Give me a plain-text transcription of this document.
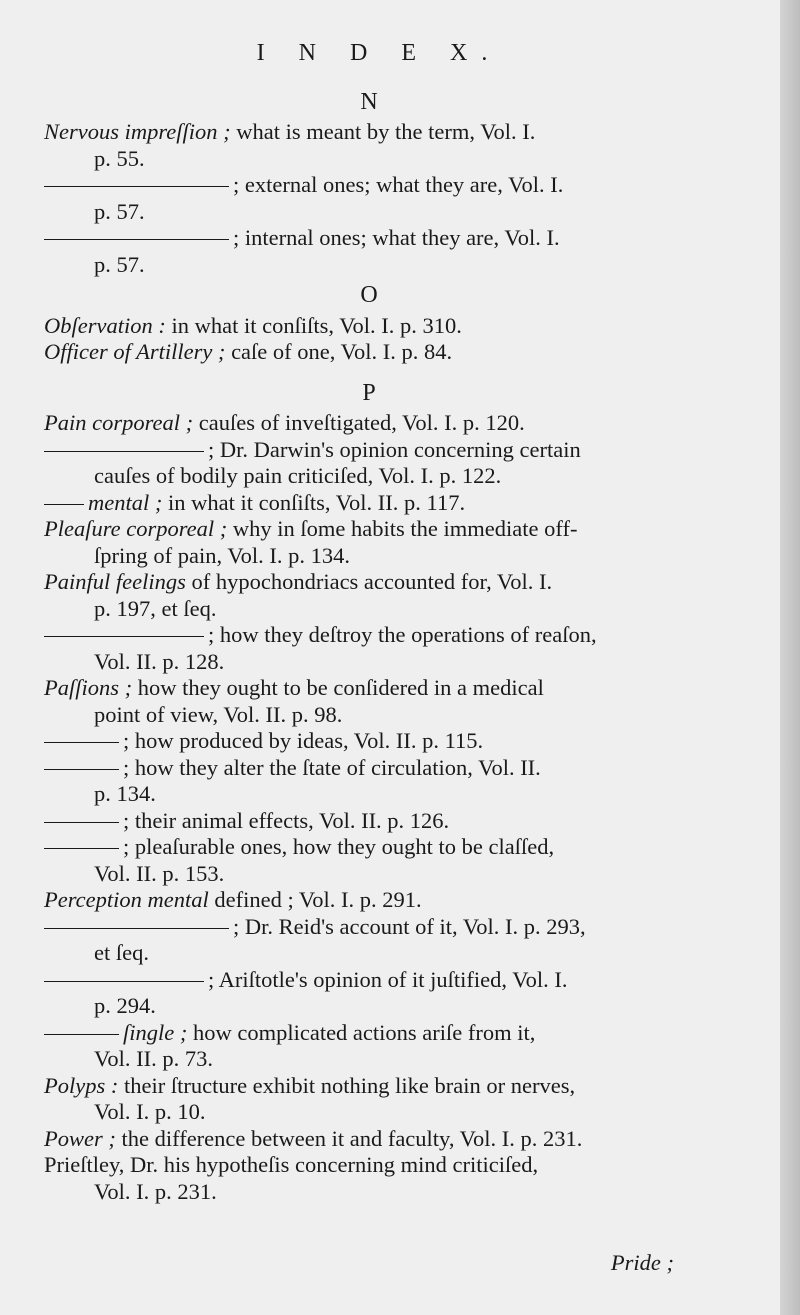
I N D E X.
N
Nervous impreſſion ; what is meant by the term, Vol. I.
p. 55.
; external ones; what they are, Vol. I.
p. 57.
; internal ones; what they are, Vol. I.
p. 57.
O
Obſervation : in what it conſiſts, Vol. I. p. 310.
Officer of Artillery ; caſe of one, Vol. I. p. 84.
P
Pain corporeal ; cauſes of inveſtigated, Vol. I. p. 120.
; Dr. Darwin's opinion concerning certain
cauſes of bodily pain criticiſed, Vol. I. p. 122.
mental ; in what it conſiſts, Vol. II. p. 117.
Pleaſure corporeal ; why in ſome habits the immediate off-
ſpring of pain, Vol. I. p. 134.
Painful feelings of hypochondriacs accounted for, Vol. I.
p. 197, et ſeq.
; how they deſtroy the operations of reaſon,
Vol. II. p. 128.
Paſſions ; how they ought to be conſidered in a medical
point of view, Vol. II. p. 98.
; how produced by ideas, Vol. II. p. 115.
; how they alter the ſtate of circulation, Vol. II.
p. 134.
; their animal effects, Vol. II. p. 126.
; pleaſurable ones, how they ought to be claſſed,
Vol. II. p. 153.
Perception mental defined ; Vol. I. p. 291.
; Dr. Reid's account of it, Vol. I. p. 293,
et ſeq.
; Ariſtotle's opinion of it juſtified, Vol. I.
p. 294.
ſingle ; how complicated actions ariſe from it,
Vol. II. p. 73.
Polyps : their ſtructure exhibit nothing like brain or nerves,
Vol. I. p. 10.
Power ; the difference between it and faculty, Vol. I. p. 231.
Prieſtley, Dr. his hypotheſis concerning mind criticiſed,
Vol. I. p. 231.
Pride ;
